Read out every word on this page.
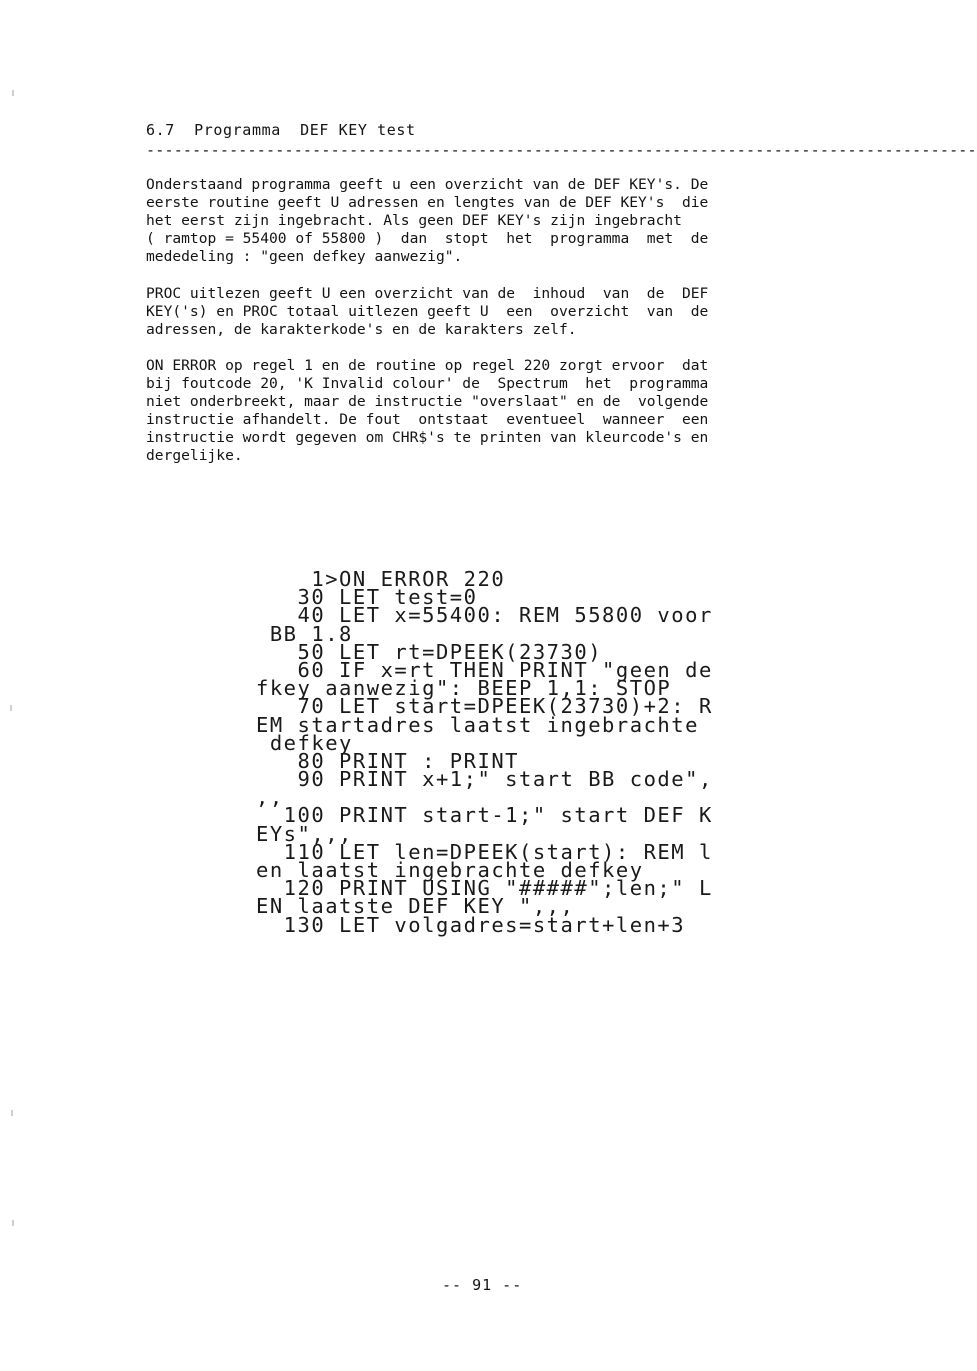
6.7  Programma  DEF KEY test
------------------------------------------------------------------------------------------
Onderstaand programma geeft u een overzicht van de DEF KEY's. De
eerste routine geeft U adressen en lengtes van de DEF KEY's  die
het eerst zijn ingebracht. Als geen DEF KEY's zijn ingebracht
( ramtop = 55400 of 55800 )  dan  stopt  het  programma  met  de
mededeling : "geen defkey aanwezig".
PROC uitlezen geeft U een overzicht van de  inhoud  van  de  DEF
KEY('s) en PROC totaal uitlezen geeft U  een  overzicht  van  de
adressen, de karakterkode's en de karakters zelf.
ON ERROR op regel 1 en de routine op regel 220 zorgt ervoor  dat
bij foutcode 20, 'K Invalid colour' de  Spectrum  het  programma
niet onderbreekt, maar de instructie "overslaat" en de  volgende
instructie afhandelt. De fout  ontstaat  eventueel  wanneer  een
instructie wordt gegeven om CHR$'s te printen van kleurcode's en
dergelijke.
1>ON ERROR 220
30 LET test=0
40 LET x=55400: REM 55800 voor
BB 1.8
50 LET rt=DPEEK(23730)
60 IF x=rt THEN PRINT "geen de
fkey aanwezig": BEEP 1,1: STOP
70 LET start=DPEEK(23730)+2: R
EM startadres laatst ingebrachte
defkey
80 PRINT : PRINT
90 PRINT x+1;" start BB code",
,,
100 PRINT start-1;" start DEF K
EYs",,,
110 LET len=DPEEK(start): REM l
en laatst ingebrachte defkey
120 PRINT USING "#####";len;" L
EN laatste DEF KEY ",,,
130 LET volgadres=start+len+3
-- 91 --
